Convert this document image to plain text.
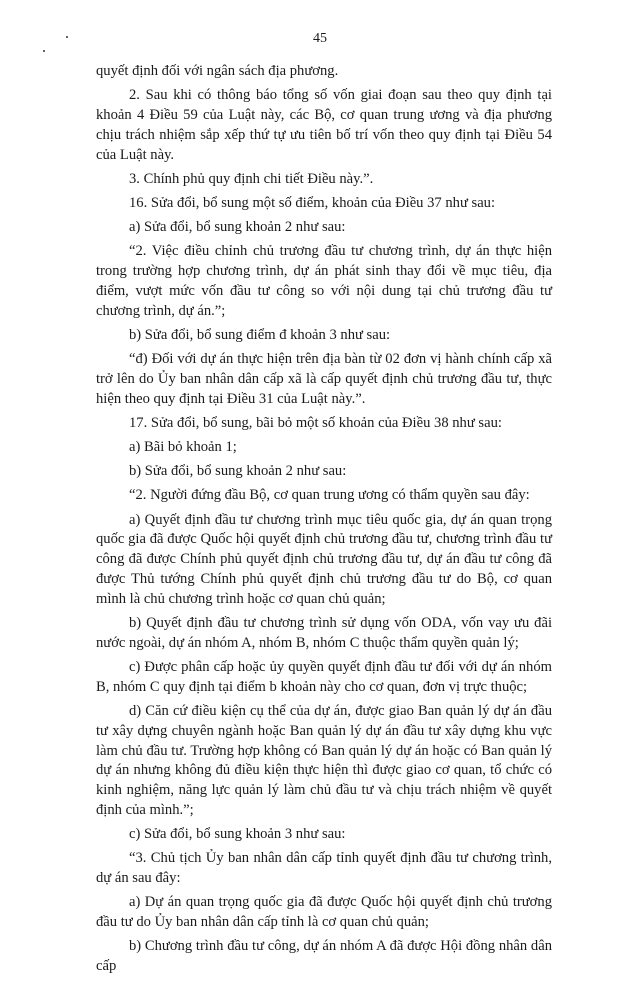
45

quyết định đối với ngân sách địa phương.

2. Sau khi có thông báo tổng số vốn giai đoạn sau theo quy định tại khoản 4 Điều 59 của Luật này, các Bộ, cơ quan trung ương và địa phương chịu trách nhiệm sắp xếp thứ tự ưu tiên bố trí vốn theo quy định tại Điều 54 của Luật này.

3. Chính phủ quy định chi tiết Điều này.”.

16. Sửa đổi, bổ sung một số điểm, khoản của Điều 37 như sau:

a) Sửa đổi, bổ sung khoản 2 như sau:

“2. Việc điều chỉnh chủ trương đầu tư chương trình, dự án thực hiện trong trường hợp chương trình, dự án phát sinh thay đổi về mục tiêu, địa điểm, vượt mức vốn đầu tư công so với nội dung tại chủ trương đầu tư chương trình, dự án.”;

b) Sửa đổi, bổ sung điểm đ khoản 3 như sau:

“đ) Đối với dự án thực hiện trên địa bàn từ 02 đơn vị hành chính cấp xã trở lên do Ủy ban nhân dân cấp xã là cấp quyết định chủ trương đầu tư, thực hiện theo quy định tại Điều 31 của Luật này.”.

17. Sửa đổi, bổ sung, bãi bỏ một số khoản của Điều 38 như sau:

a) Bãi bỏ khoản 1;

b) Sửa đổi, bổ sung khoản 2 như sau:

“2. Người đứng đầu Bộ, cơ quan trung ương có thẩm quyền sau đây:

a) Quyết định đầu tư chương trình mục tiêu quốc gia, dự án quan trọng quốc gia đã được Quốc hội quyết định chủ trương đầu tư, chương trình đầu tư công đã được Chính phủ quyết định chủ trương đầu tư, dự án đầu tư công đã được Thủ tướng Chính phủ quyết định chủ trương đầu tư do Bộ, cơ quan mình là chủ chương trình hoặc cơ quan chủ quản;

b) Quyết định đầu tư chương trình sử dụng vốn ODA, vốn vay ưu đãi nước ngoài, dự án nhóm A, nhóm B, nhóm C thuộc thẩm quyền quản lý;

c) Được phân cấp hoặc ủy quyền quyết định đầu tư đối với dự án nhóm B, nhóm C quy định tại điểm b khoản này cho cơ quan, đơn vị trực thuộc;

d) Căn cứ điều kiện cụ thể của dự án, được giao Ban quản lý dự án đầu tư xây dựng chuyên ngành hoặc Ban quản lý dự án đầu tư xây dựng khu vực làm chủ đầu tư. Trường hợp không có Ban quản lý dự án hoặc có Ban quản lý dự án nhưng không đủ điều kiện thực hiện thì được giao cơ quan, tổ chức có kinh nghiệm, năng lực quản lý làm chủ đầu tư và chịu trách nhiệm về quyết định của mình.”;

c) Sửa đổi, bổ sung khoản 3 như sau:

“3. Chủ tịch Ủy ban nhân dân cấp tỉnh quyết định đầu tư chương trình, dự án sau đây:

a) Dự án quan trọng quốc gia đã được Quốc hội quyết định chủ trương đầu tư do Ủy ban nhân dân cấp tỉnh là cơ quan chủ quản;

b) Chương trình đầu tư công, dự án nhóm A đã được Hội đồng nhân dân cấp
